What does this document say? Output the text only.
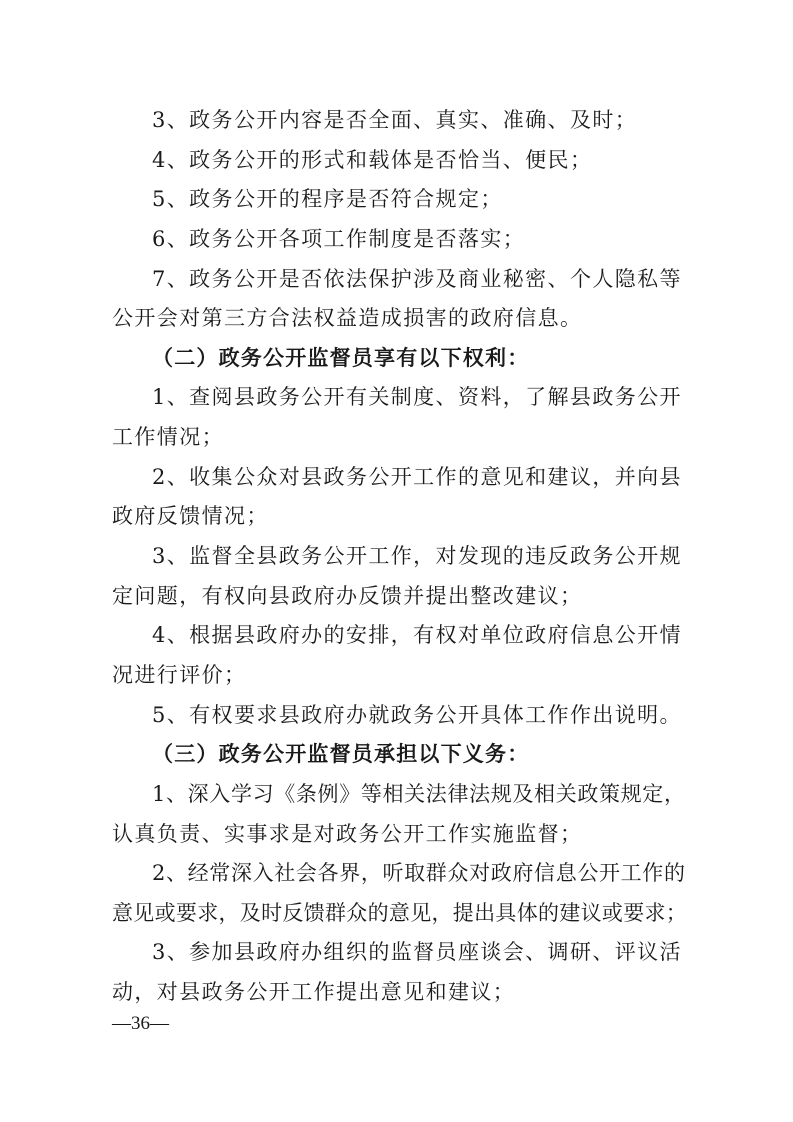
3、政务公开内容是否全面、真实、准确、及时；
4、政务公开的形式和载体是否恰当、便民；
5、政务公开的程序是否符合规定；
6、政务公开各项工作制度是否落实；
7、政务公开是否依法保护涉及商业秘密、个人隐私等
公开会对第三方合法权益造成损害的政府信息。
（二）政务公开监督员享有以下权利：
1、查阅县政务公开有关制度、资料，了解县政务公开
工作情况；
2、收集公众对县政务公开工作的意见和建议，并向县
政府反馈情况；
3、监督全县政务公开工作，对发现的违反政务公开规
定问题，有权向县政府办反馈并提出整改建议；
4、根据县政府办的安排，有权对单位政府信息公开情
况进行评价；
5、有权要求县政府办就政务公开具体工作作出说明。
（三）政务公开监督员承担以下义务：
1、深入学习《条例》等相关法律法规及相关政策规定，
认真负责、实事求是对政务公开工作实施监督；
2、经常深入社会各界，听取群众对政府信息公开工作的
意见或要求，及时反馈群众的意见，提出具体的建议或要求；
3、参加县政府办组织的监督员座谈会、调研、评议活
动，对县政务公开工作提出意见和建议；
—36—
